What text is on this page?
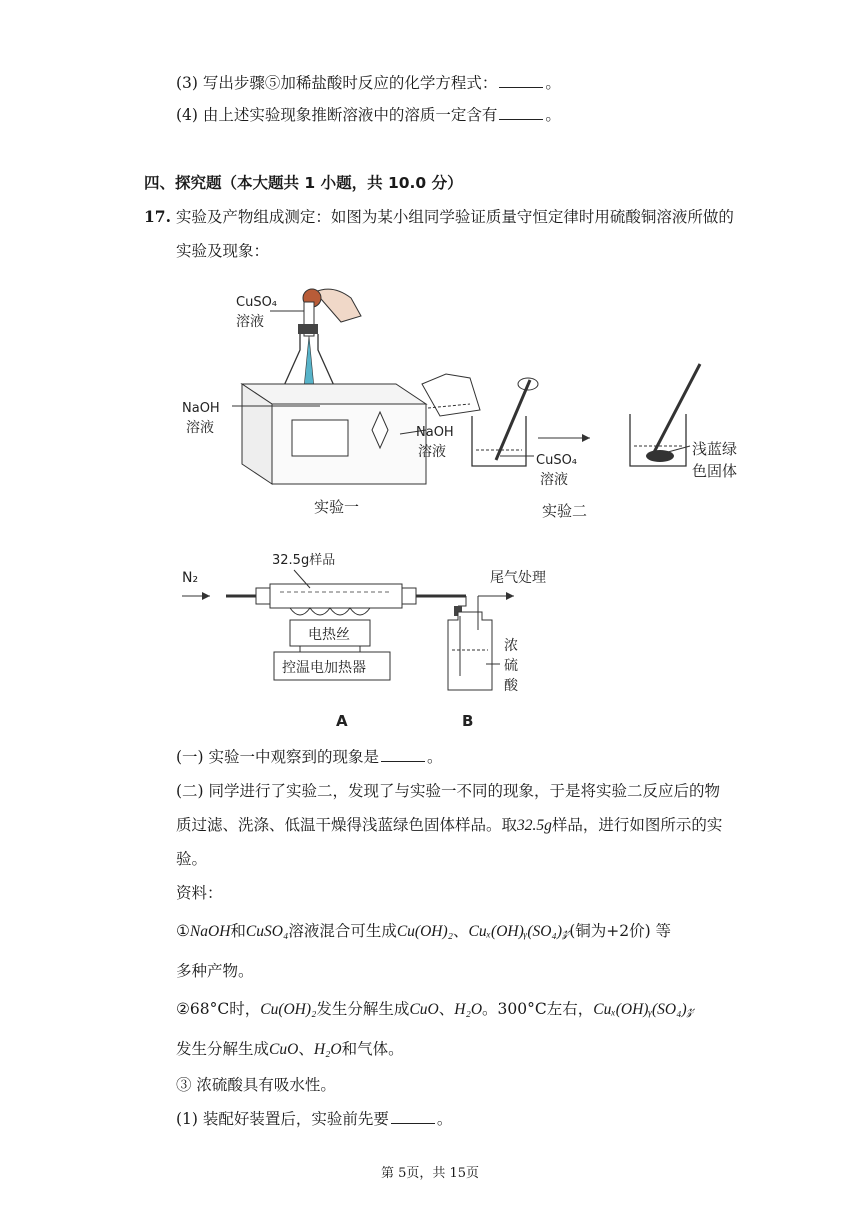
(3) 写出步骤⑤加稀盐酸时反应的化学方程式：	。
(4) 由上述实验现象推断溶液中的溶质一定含有	。
四、探究题（本大题共 1 小题，共 10.0 分）
17. 实验及产物组成测定：如图为某小组同学验证质量守恒定律时用硫酸铜溶液所做的
实验及现象：
CuSO₄
溶液
NaOH
溶液
实验一
NaOH
溶液
CuSO₄
溶液
浅蓝绿
色固体
实验二
N₂
32.5g样品
电热丝
控温电加热器
尾气处理
浓
硫
酸
A	B
(一) 实验一中观察到的现象是	。
(二) 同学进行了实验二，发现了与实验一不同的现象，于是将实验二反应后的物
质过滤、洗涤、低温干燥得浅蓝绿色固体样品。取32.5g样品，进行如图所示的实
验。
资料：
①NaOH和CuSO₄溶液混合可生成Cu(OH)₂、Cuₓ(OH)ᵧ(SO₄)𝓏(铜为+2价) 等
多种产物。
②68°C时，Cu(OH)₂发生分解生成CuO、H₂O。300°C左右，Cuₓ(OH)ᵧ(SO₄)𝓏
发生分解生成CuO、H₂O和气体。
③ 浓硫酸具有吸水性。
(1) 装配好装置后，实验前先要	。
第 5页，共 15页
